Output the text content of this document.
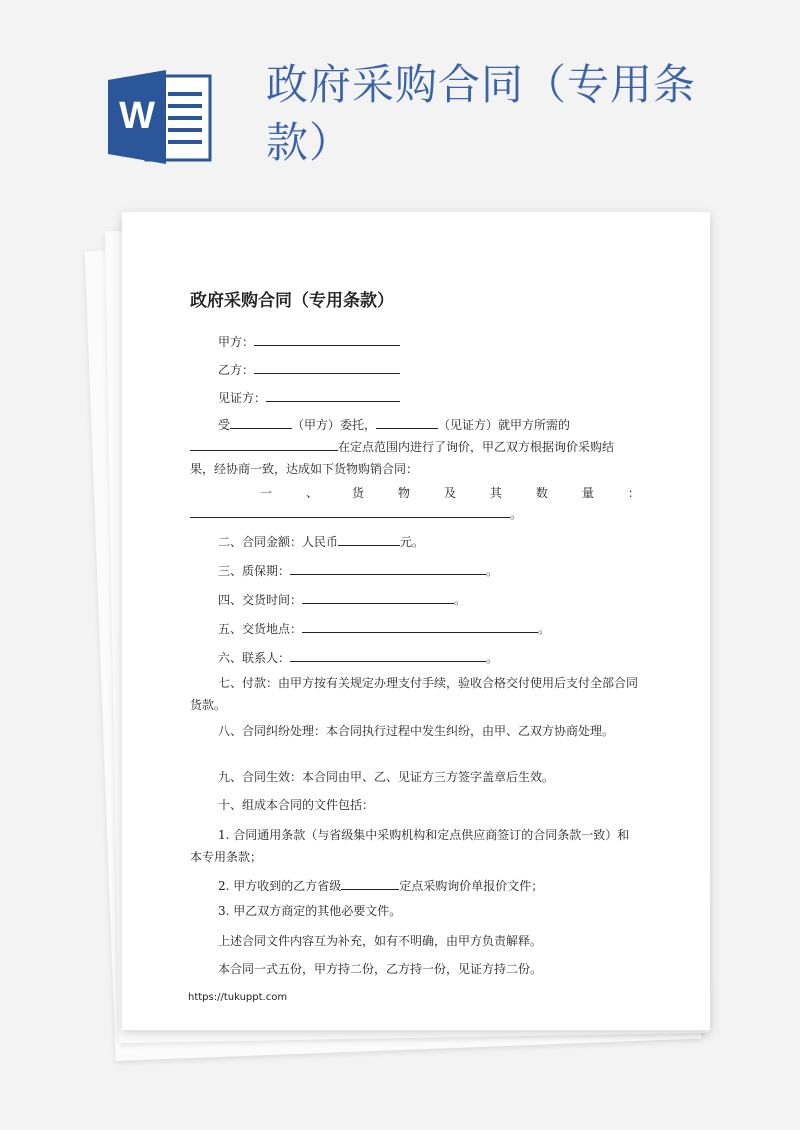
W
政府采购合同（专用条款）
政府采购合同（专用条款）
甲方：
乙方：
见证方：
受	（甲方）委托，	（见证方）就甲方所需的
在定点范围内进行了询价，甲乙双方根据询价采购结
果，经协商一致，达成如下货物购销合同：
一	、	货	物	及	其	数	量	：
。
二、合同金额：人民币	元。
三、质保期：	。
四、交货时间：	。
五、交货地点：	。
六、联系人：	。
七、付款：由甲方按有关规定办理支付手续，验收合格交付使用后支付全部合同货款。
八、合同纠纷处理：本合同执行过程中发生纠纷，由甲、乙双方协商处理。
九、合同生效：本合同由甲、乙、见证方三方签字盖章后生效。
十、组成本合同的文件包括：
1. 合同通用条款（与省级集中采购机构和定点供应商签订的合同条款一致）和本专用条款；
2. 甲方收到的乙方省级	定点采购询价单报价文件；
3. 甲乙双方商定的其他必要文件。
上述合同文件内容互为补充，如有不明确，由甲方负责解释。
本合同一式五份，甲方持二份，乙方持一份，见证方持二份。
https://tukuppt.com
